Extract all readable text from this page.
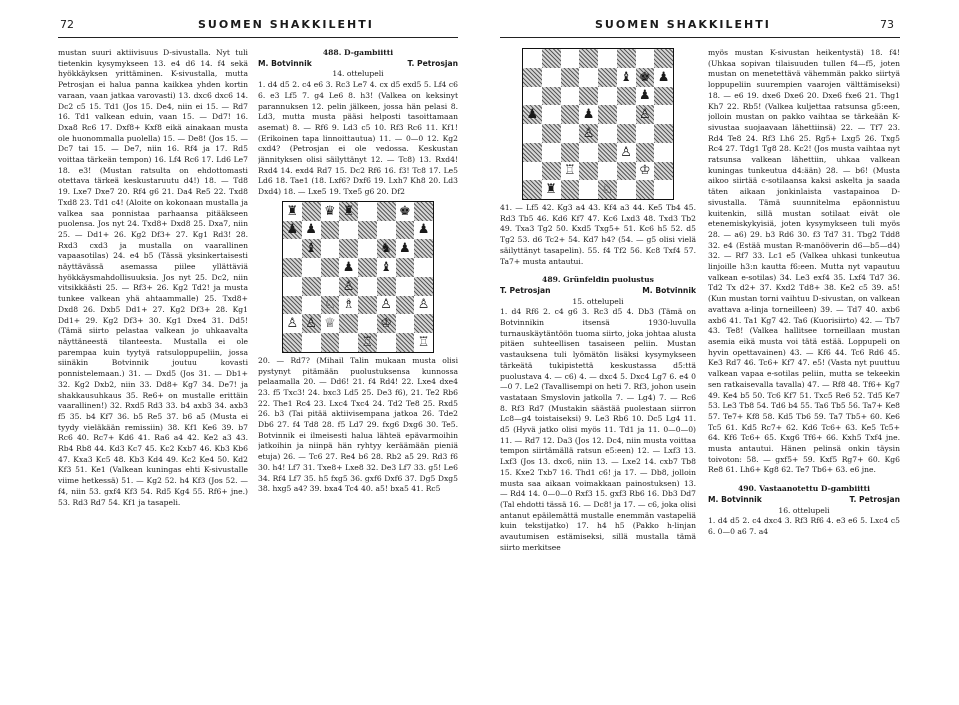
72	SUOMEN SHAKKILEHTI	SUOMEN SHAKKILEHTI	73

mustan suuri aktiivisuus D-sivustalla. Nyt tuli tietenkin kysymykseen 13. e4 d6 14. f4 sekä hyökkäyksen yrittäminen. K-sivustalla, mutta Petrosjan ei halua panna kaikkea yhden kortin varaan, vaan jatkaa varovasti) 13. dxc6 dxc6 14. Dc2 c5 15. Td1 (Jos 15. De4, niin ei 15. — Rd7 16. Td1 valkean eduin, vaan 15. — Dd7! 16. Dxa8 Rc6 17. Dxf8+ Kxf8 eikä ainakaan musta ole huonommalla puolella) 15. — De8! (Jos 15. — Dc7 tai 15. — De7, niin 16. Rf4 ja 17. Rd5 voittaa tärkeän tempon) 16. Lf4 Rc6 17. Ld6 Le7 18. e3! (Mustan ratsulta on ehdottomasti otettava tärkeä keskustaruutu d4!) 18. — Td8 19. Lxe7 Dxe7 20. Rf4 g6 21. Da4 Re5 22. Txd8 Txd8 23. Td1 c4! (Aloite on kokonaan mustalla ja valkea saa ponnistaa parhaansa pitääkseen puolensa. Jos nyt 24. Txd8+ Dxd8 25. Dxa7, niin 25. — Dd1+ 26. Kg2 Df3+ 27. Kg1 Rd3! 28. Rxd3 cxd3 ja mustalla on vaarallinen vapaasotilas) 24. e4 b5 (Tässä yksinkertaisesti näyttävässä asemassa piilee yllättäviä hyökkäysmahdollisuuksia. Jos nyt 25. Dc2, niin vitsikkäästi 25. — Rf3+ 26. Kg2 Td2! ja musta tunkee valkean yhä ahtaammalle) 25. Txd8+ Dxd8 26. Dxb5 Dd1+ 27. Kg2 Df3+ 28. Kg1 Dd1+ 29. Kg2 Df3+ 30. Kg1 Dxe4 31. Dd5! (Tämä siirto pelastaa valkean jo uhkaavalta näyttäneestä tilanteesta. Mustalla ei ole parempaa kuin tyytyä ratsuloppupeliin, jossa siinäkin Botvinnik joutuu kovasti ponnistelemaan.) 31. — Dxd5 (Jos 31. — Db1+ 32. Kg2 Dxb2, niin 33. Dd8+ Kg7 34. De7! ja shakkausuhkaus 35. Re6+ on mustalle erittäin vaarallinen!) 32. Rxd5 Rd3 33. b4 axb3 34. axb3 f5 35. b4 Kf7 36. b5 Re5 37. b6 a5 (Musta ei tyydy vieläkään remissiin) 38. Kf1 Ke6 39. b7 Rc6 40. Rc7+ Kd6 41. Ra6 a4 42. Ke2 a3 43. Rb4 Rb8 44. Kd3 Kc7 45. Kc2 Kxb7 46. Kb3 Kb6 47. Kxa3 Kc5 48. Kb3 Kd4 49. Kc2 Ke4 50. Kd2 Kf3 51. Ke1 (Valkean kuningas ehti K-sivustalle viime hetkessä) 51. — Kg2 52. h4 Kf3 (Jos 52. — f4, niin 53. gxf4 Kf3 54. Rd5 Kg4 55. Rf6+ jne.) 53. Rd3 Rd7 54. Kf1 ja tasapeli.

488. D-gambiitti

M. Botvinnik	T. Petrosjan

14. ottelupeli

1. d4 d5 2. c4 e6 3. Rc3 Le7 4. cx d5 exd5 5. Lf4 c6 6. e3 Lf5 7. g4 Le6 8. h3! (Valkea on keksinyt parannuksen 12. pelin jälkeen, jossa hän pelasi 8. Ld3, mutta musta pääsi helposti tasoittamaan asemat) 8. — Rf6 9. Ld3 c5 10. Rf3 Rc6 11. Kf1! (Erikoinen tapa linnoittautua) 11. — 0—0 12. Kg2 cxd4? (Petrosjan ei ole vedossa. Keskustan jännityksen olisi säilyttänyt 12. — Tc8) 13. Rxd4! Rxd4 14. exd4 Rd7 15. Dc2 Rf6 16. f3! Tc8 17. Le5 Ld6 18. Tae1 (18. Lxf6? Dxf6 19. Lxh7 Kh8 20. Ld3 Dxd4) 18. — Lxe5 19. Txe5 g6 20. Df2

♜ ♛ ♜	♚
♟ ♟	♟
♝	♞ ♟
♟ ♝
♙
♘ ♗ ♙ ♙
♙ ♙ ♕	♔
♖	♖

20. — Rd7? (Mihail Talin mukaan musta olisi pystynyt pitämään puolustuksensa kunnossa pelaamalla 20. — Dd6! 21. f4 Rd4! 22. Lxe4 dxe4 23. f5 Txc3! 24. bxc3 Ld5 25. De3 f6), 21. Te2 Rb6 22. The1 Rc4 23. Lxc4 Txc4 24. Td2 Te8 25. Rxd5 26. b3 (Tai pitää aktiivisempana jatkoa 26. Tde2 Db6 27. f4 Td8 28. f5 Ld7 29. fxg6 Dxg6 30. Te5. Botvinnik ei ilmeisesti halua lähteä epävarmoihin jatkoihin ja niinpä hän ryhtyy keräämään pieniä etuja) 26. — Tc6 27. Re4 b6 28. Rb2 a5 29. Rd3 f6 30. h4! Lf7 31. Txe8+ Lxe8 32. De3 Lf7 33. g5! Le6 34. Rf4 Lf7 35. h5 fxg5 36. gxf6 Dxf6 37. Dg5 Dxg5 38. hxg5 a4? 39. bxa4 Tc4 40. a5! bxa5 41. Rc5

♝ ♚ ♟
♟
♟	♟	♙
♙
♙
♖	♔
♜	♘

41. — Lf5 42. Kg3 a4 43. Kf4 a3 44. Ke5 Tb4 45. Rd3 Tb5 46. Kd6 Kf7 47. Kc6 Lxd3 48. Txd3 Tb2 49. Txa3 Tg2 50. Kxd5 Txg5+ 51. Kc6 h5 52. d5 Tg2 53. d6 Tc2+ 54. Kd7 h4? (54. — g5 olisi vielä säilyttänyt tasapelin). 55. f4 Tf2 56. Kc8 Txf4 57. Ta7+ musta antautui.

489. Grünfeldin puolustus

T. Petrosjan	M. Botvinnik

15. ottelupeli

1. d4 Rf6 2. c4 g6 3. Rc3 d5 4. Db3 (Tämä on Botvinnikin itsensä 1930-luvulla turnauskäytäntöön tuoma siirto, joka johtaa alusta pitäen suhteellisen tasaiseen peliin. Mustan vastauksena tuli lyömätön lisäksi kysymykseen tärkeätä tukipistettä keskustassa d5:ttä puolustava 4. — c6) 4. — dxc4 5. Dxc4 Lg7 6. e4 0—0 7. Le2 (Tavallisempi on heti 7. Rf3, johon usein vastataan Smyslovin jatkolla 7. — Lg4) 7. — Rc6 8. Rf3 Rd7 (Mustakin säästää puolestaan siirron Lc8—g4 toistaiseksi) 9. Le3 Rb6 10. Dc5 Lg4 11. d5 (Hyvä jatko olisi myös 11. Td1 ja 11. 0—0—0) 11. — Rd7 12. Da3 (Jos 12. Dc4, niin musta voittaa tempon siirtämällä ratsun e5:een) 12. — Lxf3 13. Lxf3 (Jos 13. dxc6, niin 13. — Lxe2 14. cxb7 Tb8 15. Kxe2 Txb7 16. Thd1 c6! ja 17. — Db8, jolloin musta saa aikaan voimakkaan painostuksen) 13. — Rd4 14. 0—0—0 Rxf3 15. gxf3 Rb6 16. Db3 Dd7 (Tal ehdotti tässä 16. — Dc8! ja 17. — c6, joka olisi antanut epäilemättä mustalle enemmän vastapeliä kuin tekstijatko) 17. h4 h5 (Pakko h-linjan avautumisen estämiseksi, sillä mustalla tämä siirto merkitsee

myös mustan K-sivustan heikentystä) 18. f4! (Uhkaa sopivan tilaisuuden tullen f4—f5, joten mustan on menetettävä vähemmän pakko siirtyä loppupeliin suurempien vaarojen välttämiseksi) 18. — e6 19. dxe6 Dxe6 20. Dxe6 fxe6 21. Thg1 Kh7 22. Rb5! (Valkea kuljettaa ratsunsa g5:een, jolloin mustan on pakko vaihtaa se tärkeään K-sivustaa suojaavaan lähettiinsä) 22. — Tf7 23. Rd4 Te8 24. Rf3 Lh6 25. Rg5+ Lxg5 26. Txg5 Rc4 27. Tdg1 Tg8 28. Kc2! (Jos musta vaihtaa nyt ratsunsa valkean lähettiin, uhkaa valkean kuningas tunkeutua d4:ään) 28. — b6! (Musta aikoo siirtää c-sotilaansa kaksi askelta ja saada täten aikaan jonkinlaista vastapainoa D-sivustalla. Tämä suunnitelma epäonnistuu kuitenkin, sillä mustan sotilaat eivät ole etenemiskykyisiä, joten kysymykseen tuli myös 28. — a6) 29. b3 Rd6 30. f3 Td7 31. Tbg2 Tdd8 32. e4 (Estää mustan R-manööverin d6—b5—d4) 32. — Rf7 33. Lc1 e5 (Valkea uhkasi tunkeutua linjoille h3:n kautta f6:een. Mutta nyt vapautuu valkean e-sotilas) 34. Le3 exf4 35. Lxf4 Td7 36. Td2 Tx d2+ 37. Kxd2 Td8+ 38. Ke2 c5 39. a5! (Kun mustan torni vaihtuu D-sivustan, on valkean avattava a-linja torneilleen) 39. — Td7 40. axb6 axb6 41. Ta1 Kg7 42. Ta6 (Kuorisiirto) 42. — Tb7 43. Te8! (Valkea hallitsee torneillaan mustan asemia eikä musta voi tätä estää. Loppupeli on hyvin opettavainen) 43. — Kf6 44. Tc6 Rd6 45. Ke3 Rd7 46. Tc6+ Kf7 47. e5! (Vasta nyt puuttuu valkean vapaa e-sotilas peliin, mutta se tekeekin sen ratkaisevalla tavalla) 47. — Rf8 48. Tf6+ Kg7 49. Ke4 b5 50. Tc6 Kf7 51. Txc5 Re6 52. Td5 Ke7 53. Le3 Tb8 54. Td6 b4 55. Ta6 Tb5 56. Ta7+ Ke8 57. Te7+ Kf8 58. Kd5 Tb6 59. Ta7 Tb5+ 60. Ke6 Tc5 61. Kd5 Rc7+ 62. Kd6 Tc6+ 63. Ke5 Tc5+ 64. Kf6 Tc6+ 65. Kxg6 Tf6+ 66. Kxh5 Txf4 jne. musta antautui. Hänen pelinsä onkin täysin toivoton: 58. — gxf5+ 59. Kxf5 Rg7+ 60. Kg6 Re8 61. Lh6+ Kg8 62. Te7 Tb6+ 63. e6 jne.

490. Vastaanotettu D-gambiitti

M. Botvinnik	T. Petrosjan

16. ottelupeli

1. d4 d5 2. c4 dxc4 3. Rf3 Rf6 4. e3 e6 5. Lxc4 c5 6. 0—0 a6 7. a4
